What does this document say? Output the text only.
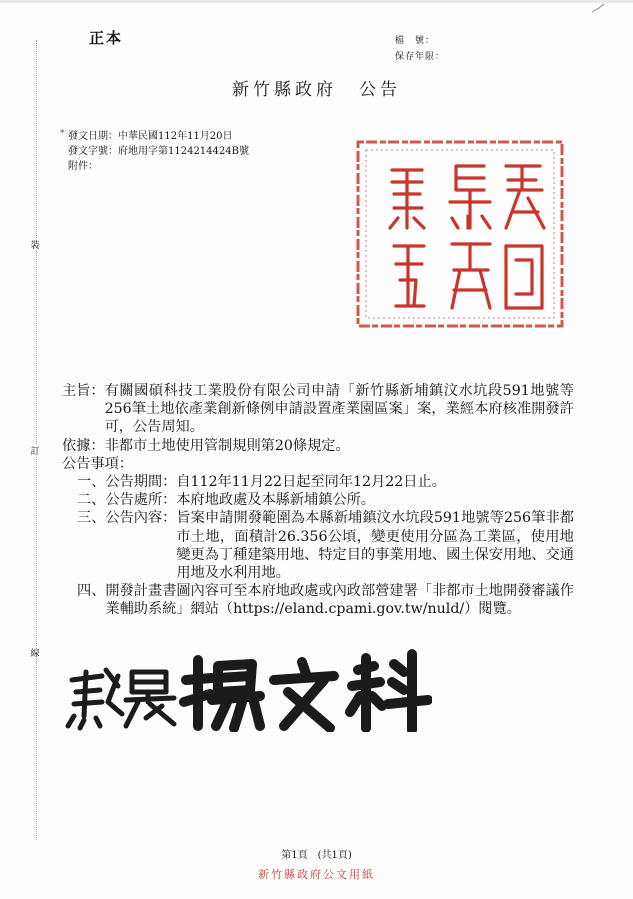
正本	檔　號：
保存年限：
新竹縣政府 公告
裝
訂
線
* 發文日期：中華民國112年11月20日
發文字號：府地用字第1124214424B號
附件：
主旨： 有關國碩科技工業股份有限公司申請「新竹縣新埔鎮汶水坑段591地號等256筆土地依產業創新條例申請設置產業園區案」案，業經本府核准開發許可，公告周知。
依據： 非都市土地使用管制規則第20條規定。
公告事項：
一、公告期間： 自112年11月22日起至同年12月22日止。
二、公告處所： 本府地政處及本縣新埔鎮公所。
三、公告內容： 旨案申請開發範圍為本縣新埔鎮汶水坑段591地號等256筆非都市土地，面積計26.356公頃，變更使用分區為工業區，使用地變更為丁種建築用地、特定目的事業用地、國土保安用地、交通用地及水利用地。
四、 開發計畫書圖內容可至本府地政處或內政部營建署「非都市土地開發審議作業輔助系統」網站（https://eland.cpami.gov.tw/nuld/）閱覽。
第1頁　(共1頁)
新竹縣政府公文用紙
